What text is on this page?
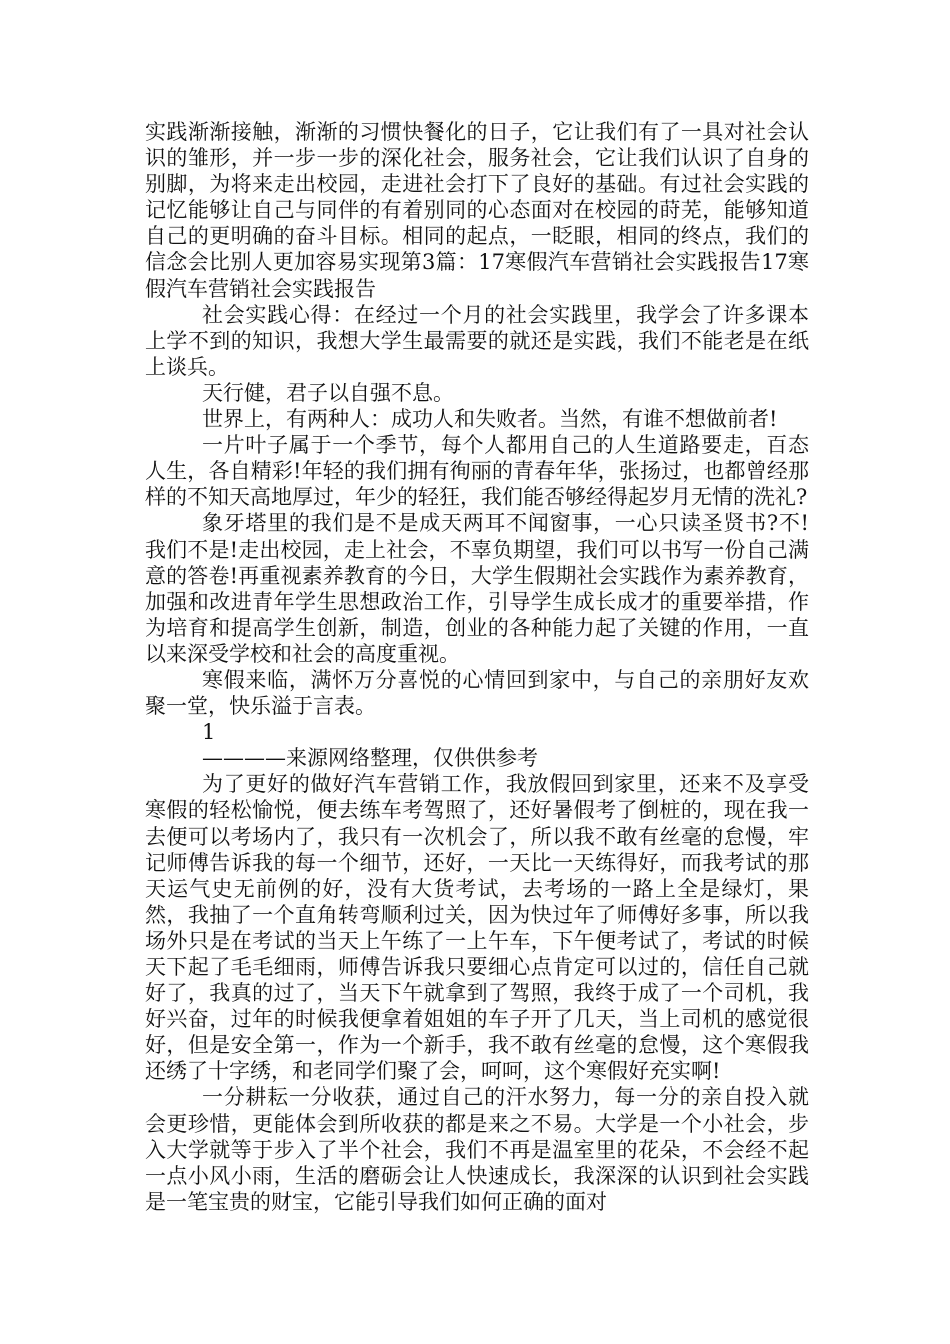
实践渐渐接触，渐渐的习惯快餐化的日子，它让我们有了一具对社会认识的雏形，并一步一步的深化社会，服务社会，它让我们认识了自身的别脚，为将来走出校园，走进社会打下了良好的基础。有过社会实践的记忆能够让自己与同伴的有着别同的心态面对在校园的莳芜，能够知道自己的更明确的奋斗目标。相同的起点，一眨眼，相同的终点，我们的信念会比别人更加容易实现第3篇：17寒假汽车营销社会实践报告17寒假汽车营销社会实践报告

社会实践心得：在经过一个月的社会实践里，我学会了许多课本上学不到的知识，我想大学生最需要的就还是实践，我们不能老是在纸上谈兵。

天行健，君子以自强不息。

世界上，有两种人：成功人和失败者。当然，有谁不想做前者!

一片叶子属于一个季节，每个人都用自己的人生道路要走，百态人生，各自精彩!年轻的我们拥有徇丽的青春年华，张扬过，也都曾经那样的不知天高地厚过，年少的轻狂，我们能否够经得起岁月无情的洗礼?

象牙塔里的我们是不是成天两耳不闻窗事，一心只读圣贤书?不!我们不是!走出校园，走上社会，不辜负期望，我们可以书写一份自己满意的答卷!再重视素养教育的今日，大学生假期社会实践作为素养教育，加强和改进青年学生思想政治工作，引导学生成长成才的重要举措，作为培育和提高学生创新，制造，创业的各种能力起了关键的作用，一直以来深受学校和社会的高度重视。

寒假来临，满怀万分喜悦的心情回到家中，与自己的亲朋好友欢聚一堂，快乐溢于言表。

1

————来源网络整理，仅供供参考

为了更好的做好汽车营销工作，我放假回到家里，还来不及享受寒假的轻松愉悦，便去练车考驾照了，还好暑假考了倒桩的，现在我一去便可以考场内了，我只有一次机会了，所以我不敢有丝毫的怠慢，牢记师傅告诉我的每一个细节，还好，一天比一天练得好，而我考试的那天运气史无前例的好，没有大货考试，去考场的一路上全是绿灯，果然，我抽了一个直角转弯顺利过关，因为快过年了师傅好多事，所以我场外只是在考试的当天上午练了一上午车，下午便考试了，考试的时候天下起了毛毛细雨，师傅告诉我只要细心点肯定可以过的，信任自己就好了，我真的过了，当天下午就拿到了驾照，我终于成了一个司机，我好兴奋，过年的时候我便拿着姐姐的车子开了几天，当上司机的感觉很好，但是安全第一，作为一个新手，我不敢有丝毫的怠慢，这个寒假我还绣了十字绣，和老同学们聚了会，呵呵，这个寒假好充实啊!

一分耕耘一分收获，通过自己的汗水努力，每一分的亲自投入就会更珍惜，更能体会到所收获的都是来之不易。大学是一个小社会，步入大学就等于步入了半个社会，我们不再是温室里的花朵，不会经不起一点小风小雨，生活的磨砺会让人快速成长，我深深的认识到社会实践是一笔宝贵的财宝，它能引导我们如何正确的面对
